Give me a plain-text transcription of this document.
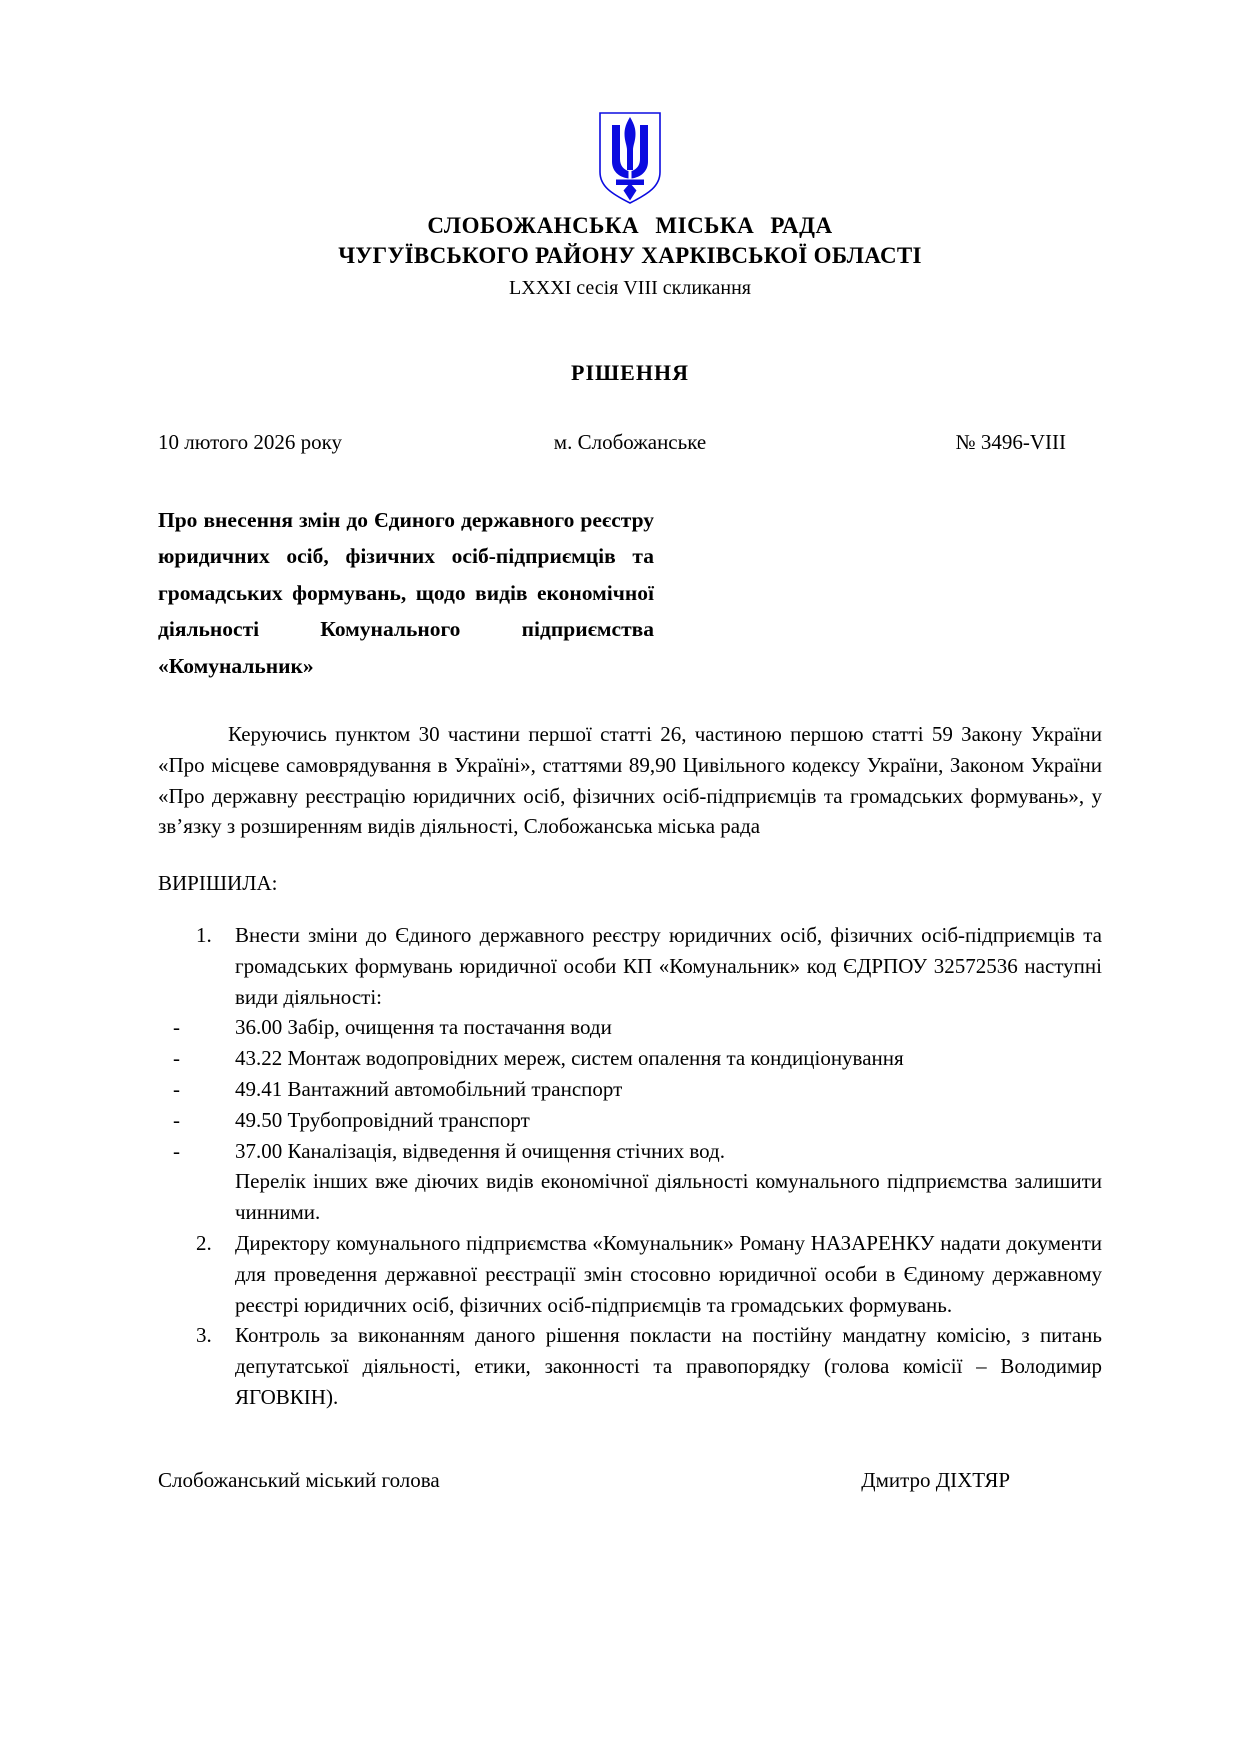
СЛОБОЖАНСЬКА МІСЬКА РАДА
ЧУГУЇВСЬКОГО РАЙОНУ ХАРКІВСЬКОЇ ОБЛАСТІ
LXXXI сесія VIII скликання
РІШЕННЯ
10 лютого 2026 року	м. Слобожанське	№ 3496-VIII
Про внесення змін до Єдиного державного реєстру юридичних осіб, фізичних осіб-підприємців та громадських формувань, щодо видів економічної діяльності Комунального підприємства «Комунальник»

Керуючись пунктом 30 частини першої статті 26, частиною першою статті 59 Закону України «Про місцеве самоврядування в Україні», статтями 89,90 Цивільного кодексу України, Законом України «Про державну реєстрацію юридичних осіб, фізичних осіб-підприємців та громадських формувань», у зв’язку з розширенням видів діяльності, Слобожанська міська рада

ВИРІШИЛА:
1. Внести зміни до Єдиного державного реєстру юридичних осіб, фізичних осіб-підприємців та громадських формувань юридичної особи КП «Комунальник» код ЄДРПОУ 32572536 наступні види діяльності:
-	36.00 Забір, очищення та постачання води
-	43.22 Монтаж водопровідних мереж, систем опалення та кондиціонування
-	49.41 Вантажний автомобільний транспорт
-	49.50 Трубопровідний транспорт
-	37.00 Каналізація, відведення й очищення стічних вод.
Перелік інших вже діючих видів економічної діяльності комунального підприємства залишити чинними.
2. Директору комунального підприємства «Комунальник» Роману НАЗАРЕНКУ надати документи для проведення державної реєстрації змін стосовно юридичної особи в Єдиному державному реєстрі юридичних осіб, фізичних осіб-підприємців та громадських формувань.
3. Контроль за виконанням даного рішення покласти на постійну мандатну комісію, з питань депутатської діяльності, етики, законності та правопорядку (голова комісії – Володимир ЯГОВКІН).
Слобожанський міський голова	Дмитро ДІХТЯР
